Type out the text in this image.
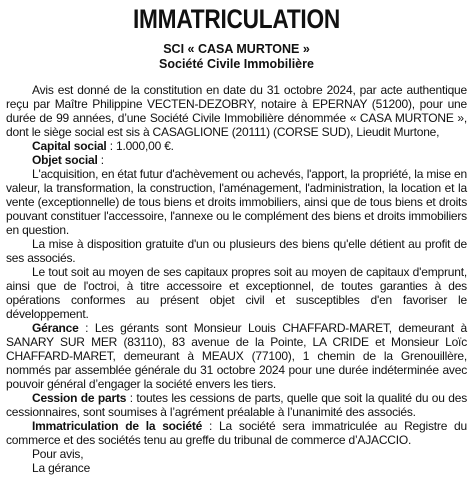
IMMATRICULATION
SCI « CASA MURTONE »
Société Civile Immobilière

Avis est donné de la constitution en date du 31 octobre 2024, par acte authentique reçu par Maître Philippine VECTEN-DEZOBRY, notaire à EPERNAY (51200), pour une durée de 99 années, d’une Société Civile Immobilière dénommée « CASA MURTONE », dont le siège social est sis à CASAGLIONE (20111) (CORSE SUD), Lieudit Murtone,

Capital social : 1.000,00 €.

Objet social :

L'acquisition, en état futur d'achèvement ou achevés, l'apport, la propriété, la mise en valeur, la transformation, la construction, l'aménagement, l'administration, la location et la vente (exceptionnelle) de tous biens et droits immobiliers, ainsi que de tous biens et droits pouvant constituer l'accessoire, l'annexe ou le complément des biens et droits immobiliers en question.

La mise à disposition gratuite d'un ou plusieurs des biens qu'elle détient au profit de ses associés.

Le tout soit au moyen de ses capitaux propres soit au moyen de capitaux d'emprunt, ainsi que de l'octroi, à titre accessoire et exceptionnel, de toutes garanties à des opérations conformes au présent objet civil et susceptibles d'en favoriser le développement.

Gérance : Les gérants sont Monsieur Louis CHAFFARD-MARET, demeurant à SANARY SUR MER (83110), 83 avenue de la Pointe, LA CRIDE et Monsieur Loïc CHAFFARD-MARET, demeurant à MEAUX (77100), 1 chemin de la Grenouillère, nommés par assemblée générale du 31 octobre 2024 pour une durée indéterminée avec pouvoir général d’engager la société envers les tiers.

Cession de parts : toutes les cessions de parts, quelle que soit la qualité du ou des cessionnaires, sont soumises à l’agrément préalable à l’unanimité des associés.

Immatriculation de la société : La société sera immatriculée au Registre du commerce et des sociétés tenu au greffe du tribunal de commerce d’AJACCIO.

Pour avis,

La gérance
